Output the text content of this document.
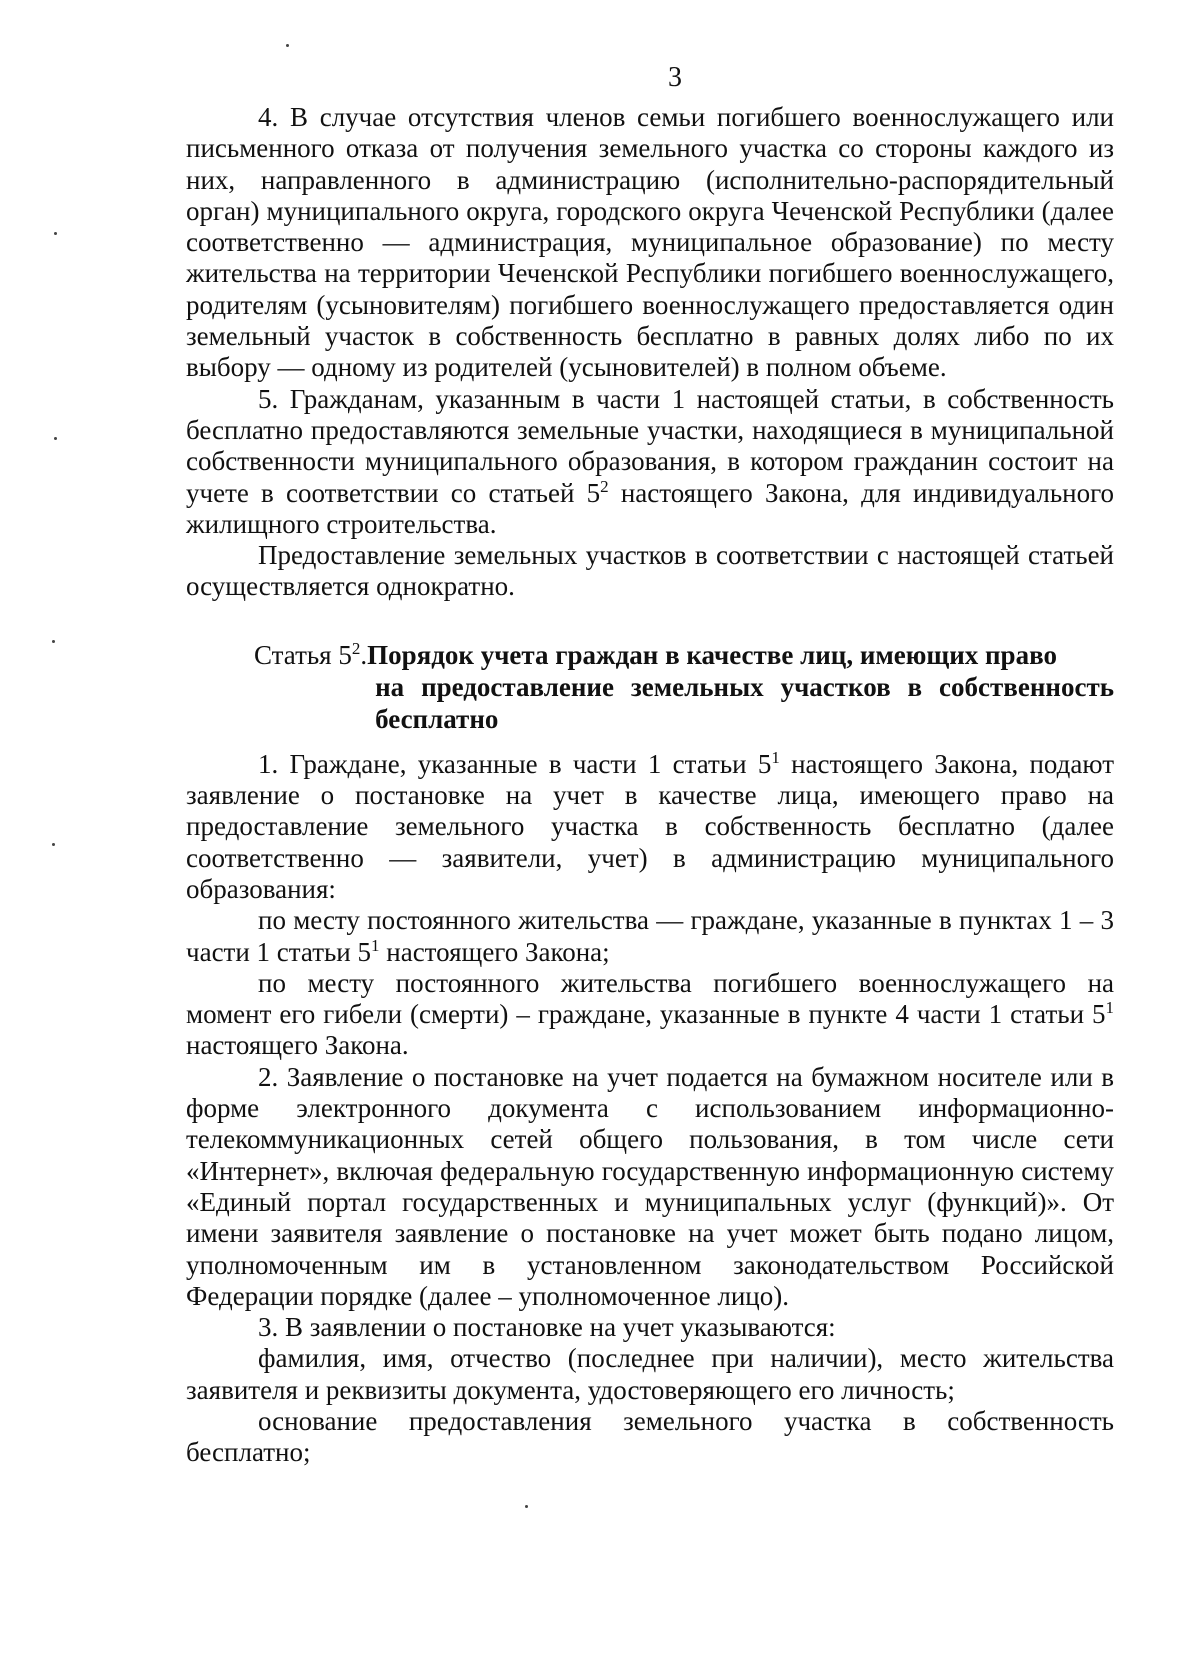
3

4. В случае отсутствия членов семьи погибшего военнослужащего или письменного отказа от получения земельного участка со стороны каждого из них, направленного в администрацию (исполнительно-распорядительный орган) муниципального округа, городского округа Чеченской Республики (далее соответственно — администрация, муниципальное образование) по месту жительства на территории Чеченской Республики погибшего военнослужащего, родителям (усыновителям) погибшего военнослужащего предоставляется один земельный участок в собственность бесплатно в равных долях либо по их выбору — одному из родителей (усыновителей) в полном объеме.

5. Гражданам, указанным в части 1 настоящей статьи, в собственность бесплатно предоставляются земельные участки, находящиеся в муниципальной собственности муниципального образования, в котором гражданин состоит на учете в соответствии со статьей $5^2$ настоящего Закона, для индивидуального жилищного строительства.

Предоставление земельных участков в соответствии с настоящей статьей осуществляется однократно.

Статья $5^2$. Порядок учета граждан в качестве лиц, имеющих право
на предоставление земельных участков в собственность бесплатно

1. Граждане, указанные в части 1 статьи $5^1$ настоящего Закона, подают заявление о постановке на учет в качестве лица, имеющего право на предоставление земельного участка в собственность бесплатно (далее соответственно — заявители, учет) в администрацию муниципального образования:

по месту постоянного жительства — граждане, указанные в пунктах 1 – 3 части 1 статьи $5^1$ настоящего Закона;

по месту постоянного жительства погибшего военнослужащего на момент его гибели (смерти) – граждане, указанные в пункте 4 части 1 статьи $5^1$ настоящего Закона.

2. Заявление о постановке на учет подается на бумажном носителе или в форме электронного документа с использованием информационно-телекоммуникационных сетей общего пользования, в том числе сети «Интернет», включая федеральную государственную информационную систему «Единый портал государственных и муниципальных услуг (функций)». От имени заявителя заявление о постановке на учет может быть подано лицом, уполномоченным им в установленном законодательством Российской Федерации порядке (далее – уполномоченное лицо).

3. В заявлении о постановке на учет указываются:

фамилия, имя, отчество (последнее при наличии), место жительства заявителя и реквизиты документа, удостоверяющего его личность;

основание предоставления земельного участка в собственность бесплатно;
